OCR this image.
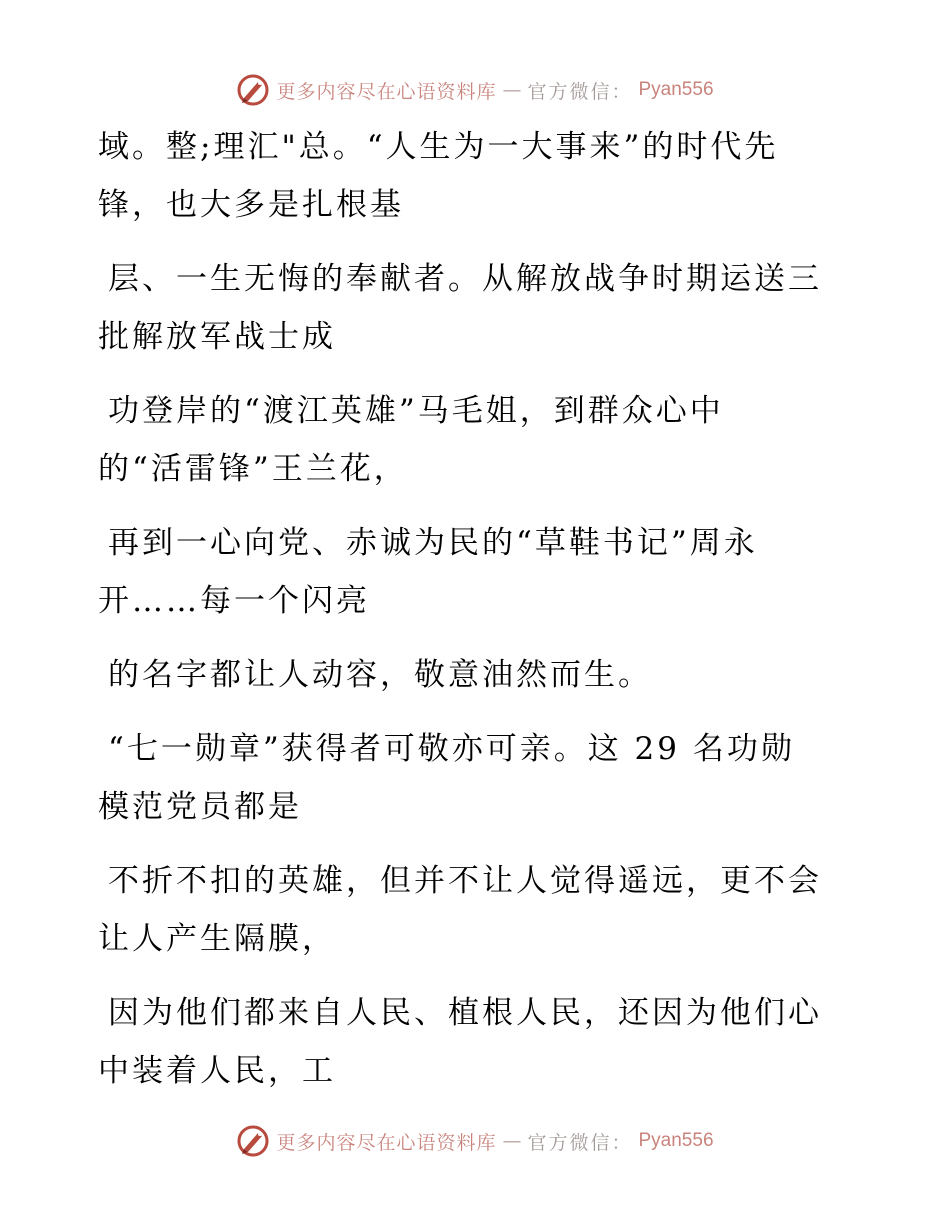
更多内容尽在心语资料库 — 官方微信： Pyan556
域。整;理汇"总。“人生为一大事来”的时代先
锋，也大多是扎根基
层、一生无悔的奉献者。从解放战争时期运送三
批解放军战士成
功登岸的“渡江英雄”马毛姐，到群众心中
的“活雷锋”王兰花，
再到一心向党、赤诚为民的“草鞋书记”周永
开……每一个闪亮
的名字都让人动容，敬意油然而生。
“七一勋章”获得者可敬亦可亲。这 29 名功勋
模范党员都是
不折不扣的英雄，但并不让人觉得遥远，更不会
让人产生隔膜，
因为他们都来自人民、植根人民，还因为他们心
中装着人民，工
更多内容尽在心语资料库 — 官方微信： Pyan556
